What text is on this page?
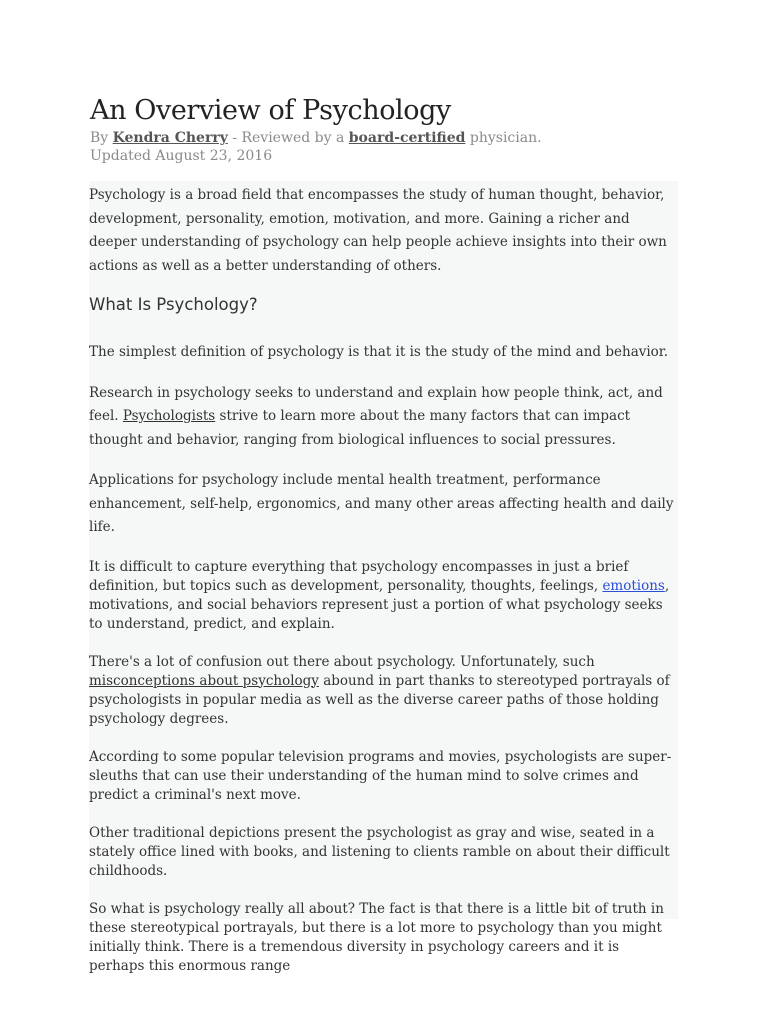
An Overview of Psychology
By Kendra Cherry - Reviewed by a board-certified physician.
Updated August 23, 2016

Psychology is a broad field that encompasses the study of human thought, behavior, development, personality, emotion, motivation, and more. Gaining a richer and deeper understanding of psychology can help people achieve insights into their own actions as well as a better understanding of others.

What Is Psychology?

The simplest definition of psychology is that it is the study of the mind and behavior.

Research in psychology seeks to understand and explain how people think, act, and feel. Psychologists strive to learn more about the many factors that can impact thought and behavior, ranging from biological influences to social pressures.

Applications for psychology include mental health treatment, performance enhancement, self-help, ergonomics, and many other areas affecting health and daily life.

It is difficult to capture everything that psychology encompasses in just a brief definition, but topics such as development, personality, thoughts, feelings, emotions, motivations, and social behaviors represent just a portion of what psychology seeks to understand, predict, and explain.

There's a lot of confusion out there about psychology. Unfortunately, such misconceptions about psychology abound in part thanks to stereotyped portrayals of psychologists in popular media as well as the diverse career paths of those holding psychology degrees.

According to some popular television programs and movies, psychologists are super-sleuths that can use their understanding of the human mind to solve crimes and predict a criminal's next move.

Other traditional depictions present the psychologist as gray and wise, seated in a stately office lined with books, and listening to clients ramble on about their difficult childhoods.

So what is psychology really all about? The fact is that there is a little bit of truth in these stereotypical portrayals, but there is a lot more to psychology than you might initially think. There is a tremendous diversity in psychology careers and it is perhaps this enormous range
